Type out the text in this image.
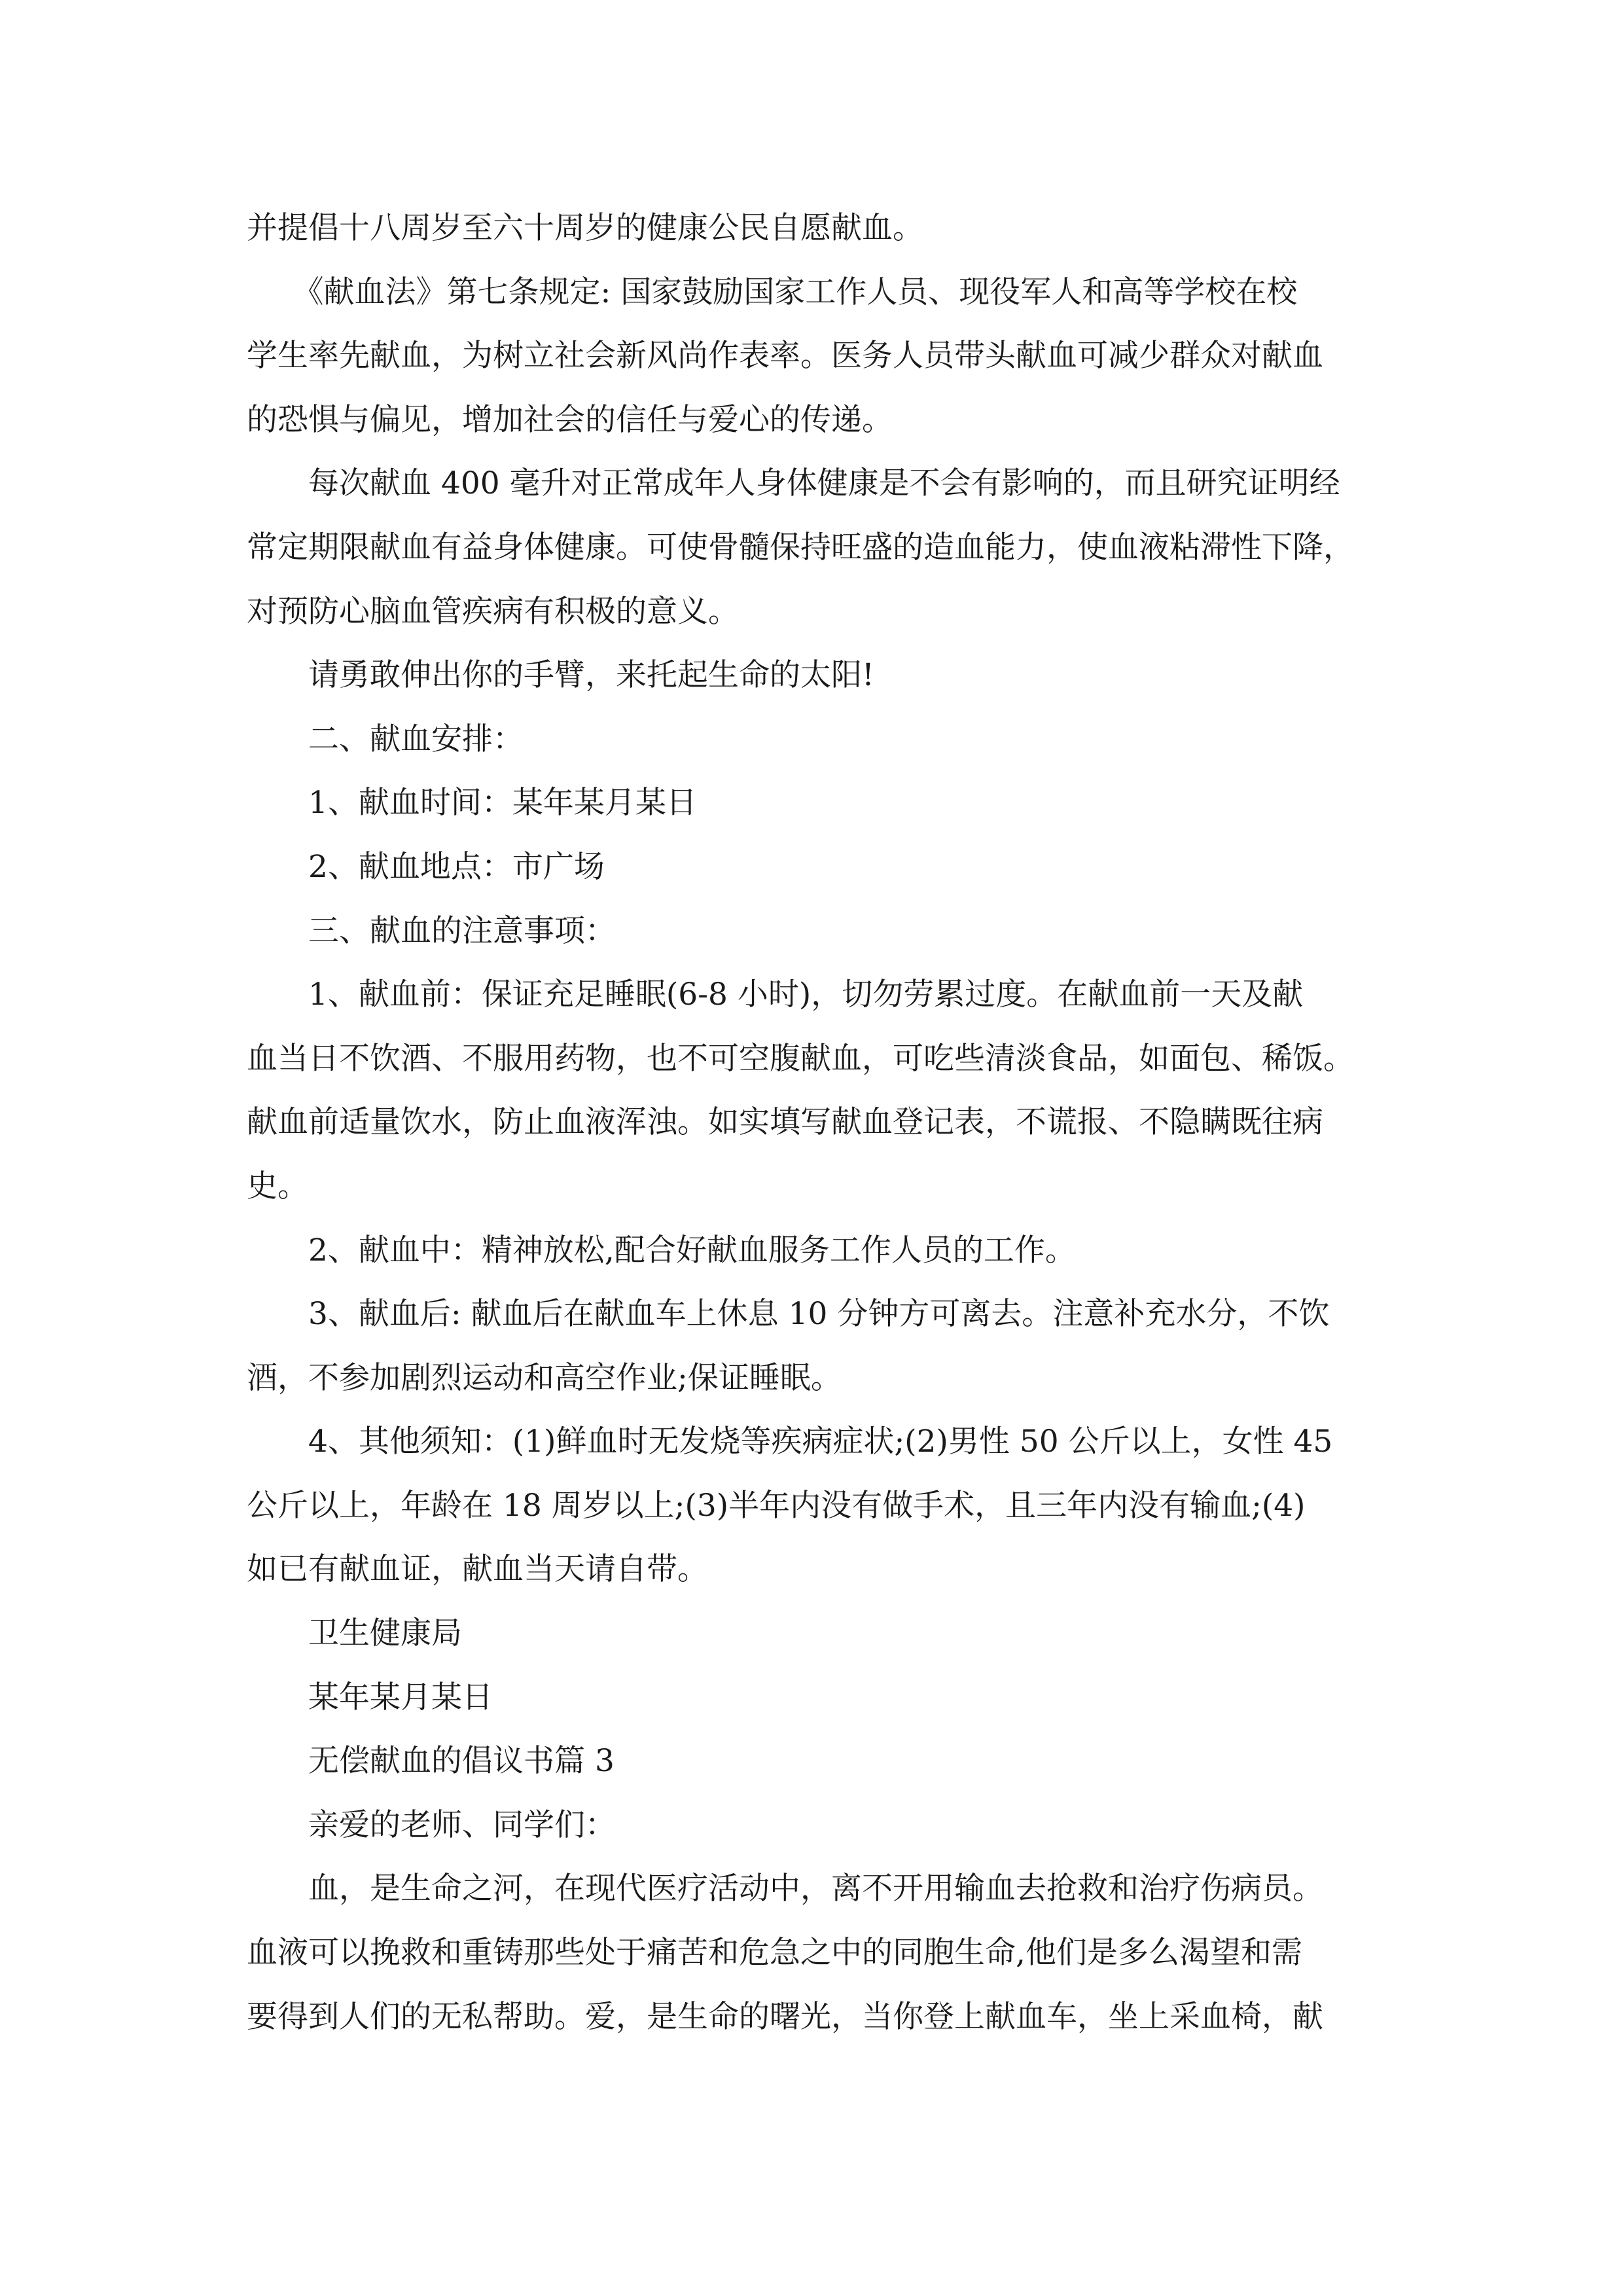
并提倡十八周岁至六十周岁的健康公民自愿献血。

　　《献血法》第七条规定: 国家鼓励国家工作人员、现役军人和高等学校在校

学生率先献血，为树立社会新风尚作表率。医务人员带头献血可减少群众对献血

的恐惧与偏见，增加社会的信任与爱心的传递。

　　每次献血 400 毫升对正常成年人身体健康是不会有影响的，而且研究证明经

常定期限献血有益身体健康。可使骨髓保持旺盛的造血能力，使血液粘滞性下降，

对预防心脑血管疾病有积极的意义。

　　请勇敢伸出你的手臂，来托起生命的太阳!

　　二、献血安排：

　　1、献血时间：某年某月某日

　　2、献血地点：市广场

　　三、献血的注意事项：

　　1、献血前：保证充足睡眠(6-8 小时)，切勿劳累过度。在献血前一天及献

血当日不饮酒、不服用药物，也不可空腹献血，可吃些清淡食品，如面包、稀饭。

献血前适量饮水，防止血液浑浊。如实填写献血登记表，不谎报、不隐瞒既往病

史。

　　2、献血中：精神放松,配合好献血服务工作人员的工作。

　　3、献血后: 献血后在献血车上休息 10 分钟方可离去。注意补充水分，不饮

酒，不参加剧烈运动和高空作业;保证睡眠。

　　4、其他须知：(1)鲜血时无发烧等疾病症状;(2)男性 50 公斤以上，女性 45

公斤以上，年龄在 18 周岁以上;(3)半年内没有做手术，且三年内没有输血;(4)

如已有献血证，献血当天请自带。

　　卫生健康局

　　某年某月某日

　　无偿献血的倡议书篇 3

　　亲爱的老师、同学们：

　　血，是生命之河，在现代医疗活动中，离不开用输血去抢救和治疗伤病员。

血液可以挽救和重铸那些处于痛苦和危急之中的同胞生命,他们是多么渴望和需

要得到人们的无私帮助。爱，是生命的曙光，当你登上献血车，坐上采血椅，献
